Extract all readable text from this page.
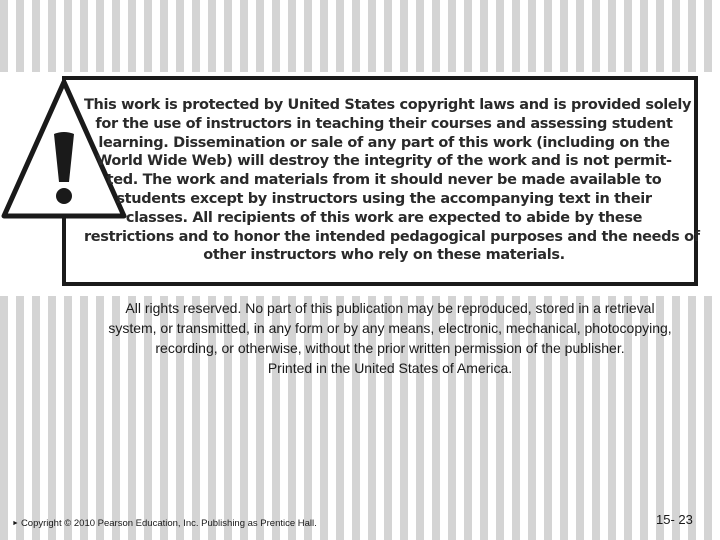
This work is protected by United States copyright laws and is provided solely
for the use of instructors in teaching their courses and assessing student
learning. Dissemination or sale of any part of this work (including on the
World Wide Web) will destroy the integrity of the work and is not permit-
ted. The work and materials from it should never be made available to
students except by instructors using the accompanying text in their
classes. All recipients of this work are expected to abide by these
restrictions and to honor the intended pedagogical purposes and the needs of
other instructors who rely on these materials.
All rights reserved. No part of this publication may be reproduced, stored in a retrieval
system, or transmitted, in any form or by any means, electronic, mechanical, photocopying,
recording, or otherwise, without the prior written permission of the publisher.
Printed in the United States of America.
► Copyright © 2010 Pearson Education, Inc. Publishing as Prentice Hall.	15- 23
